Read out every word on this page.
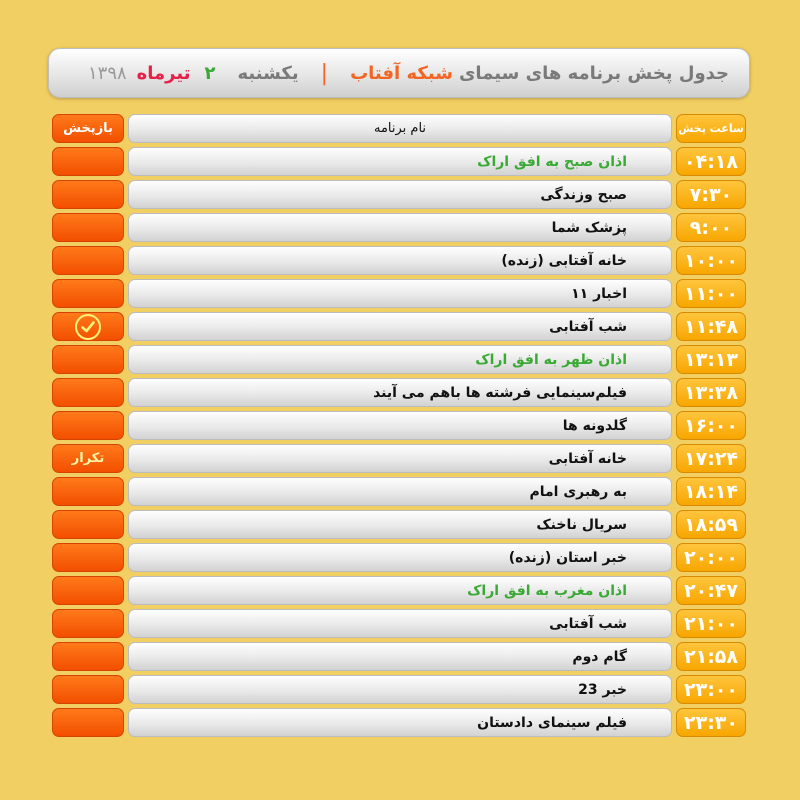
جدول پخش برنامه های سیمای
شبکه آفتاب
|
یکشنبه
۲
تیرماه
۱۳۹۸
ساعت پخش
نام برنامه
بازپخش
۰۴:۱۸
اذان صبح به افق اراک
۷:۳۰
صبح وزندگی
۹:۰۰
پزشک شما
۱۰:۰۰
خانه آفتابی (زنده)
۱۱:۰۰
اخبار ۱۱
۱۱:۴۸
شب آفتابی
۱۳:۱۳
اذان ظهر به افق اراک
۱۳:۳۸
فیلم‌سینمایی فرشته ها باهم می آیند
۱۶:۰۰
گلدونه ها
۱۷:۲۴
خانه آفتابی
تکرار
۱۸:۱۴
به رهبری امام
۱۸:۵۹
سریال ناخنک
۲۰:۰۰
خبر استان (زنده)
۲۰:۴۷
اذان مغرب به افق اراک
۲۱:۰۰
شب آفتابی
۲۱:۵۸
گام دوم
۲۳:۰۰
خبر 23
۲۳:۳۰
فیلم سینمای دادستان
